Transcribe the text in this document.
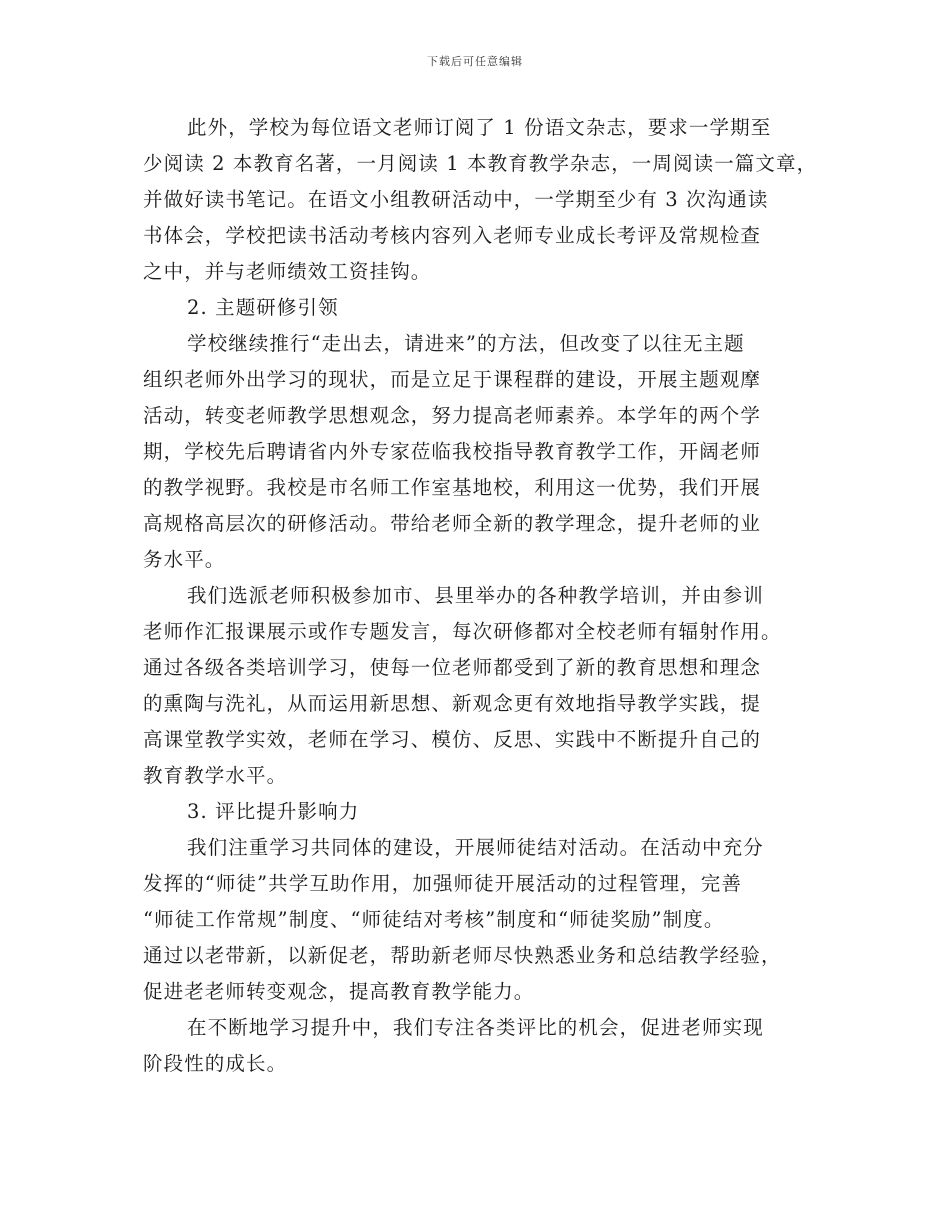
下载后可任意编辑
此外，学校为每位语文老师订阅了 1 份语文杂志，要求一学期至
少阅读 2 本教育名著，一月阅读 1 本教育教学杂志，一周阅读一篇文章，
并做好读书笔记。在语文小组教研活动中，一学期至少有 3 次沟通读
书体会，学校把读书活动考核内容列入老师专业成长考评及常规检查
之中，并与老师绩效工资挂钩。
2. 主题研修引领
学校继续推行“走出去，请进来”的方法，但改变了以往无主题
组织老师外出学习的现状，而是立足于课程群的建设，开展主题观摩
活动，转变老师教学思想观念，努力提高老师素养。本学年的两个学
期，学校先后聘请省内外专家莅临我校指导教育教学工作，开阔老师
的教学视野。我校是市名师工作室基地校，利用这一优势，我们开展
高规格高层次的研修活动。带给老师全新的教学理念，提升老师的业
务水平。
我们选派老师积极参加市、县里举办的各种教学培训，并由参训
老师作汇报课展示或作专题发言，每次研修都对全校老师有辐射作用。
通过各级各类培训学习，使每一位老师都受到了新的教育思想和理念
的熏陶与洗礼，从而运用新思想、新观念更有效地指导教学实践，提
高课堂教学实效，老师在学习、模仿、反思、实践中不断提升自己的
教育教学水平。
3. 评比提升影响力
我们注重学习共同体的建设，开展师徒结对活动。在活动中充分
发挥的“师徒”共学互助作用，加强师徒开展活动的过程管理，完善
“师徒工作常规”制度、“师徒结对考核”制度和“师徒奖励”制度。
通过以老带新，以新促老，帮助新老师尽快熟悉业务和总结教学经验，
促进老老师转变观念，提高教育教学能力。
在不断地学习提升中，我们专注各类评比的机会，促进老师实现
阶段性的成长。
